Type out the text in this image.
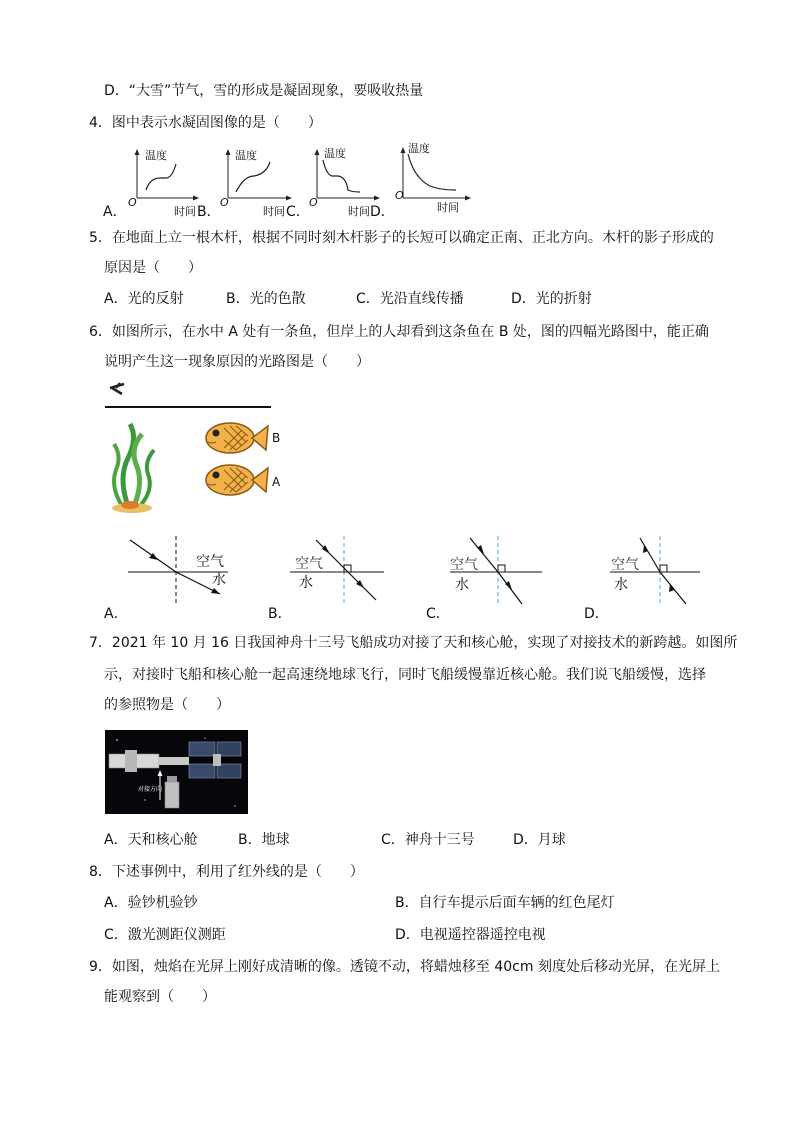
D．“大雪”节气，雪的形成是凝固现象，要吸收热量
4．图中表示水凝固图像的是（　　）
温度	温度	温度	温度
O	O	O
O
A．	时间 B．	时间 C．	时间 D．	时间
5．在地面上立一根木杆，根据不同时刻木杆影子的长短可以确定正南、正北方向。木杆的影子形成的
原因是（　　）
A．光的反射	B．光的色散	C．光沿直线传播	D．光的折射
6．如图所示，在水中 A 处有一条鱼，但岸上的人却看到这条鱼在 B 处，图的四幅光路图中，能正确
说明产生这一现象原因的光路图是（　　）
B
A
空气
水
空气
水
空气
水
空气
水
A．	B．	C．	D．
7．2021 年 10 月 16 日我国神舟十三号飞船成功对接了天和核心舱，实现了对接技术的新跨越。如图所
示，对接时飞船和核心舱一起高速绕地球飞行，同时飞船缓慢靠近核心舱。我们说飞船缓慢，选择
的参照物是（　　）
对接方向
A．天和核心舱	B．地球	C．神舟十三号	D．月球
8．下述事例中，利用了红外线的是（　　）
A．验钞机验钞	B．自行车提示后面车辆的红色尾灯
C．激光测距仪测距	D．电视遥控器遥控电视
9．如图，烛焰在光屏上刚好成清晰的像。透镜不动，将蜡烛移至 40cm 刻度处后移动光屏，在光屏上
能观察到（　　）
